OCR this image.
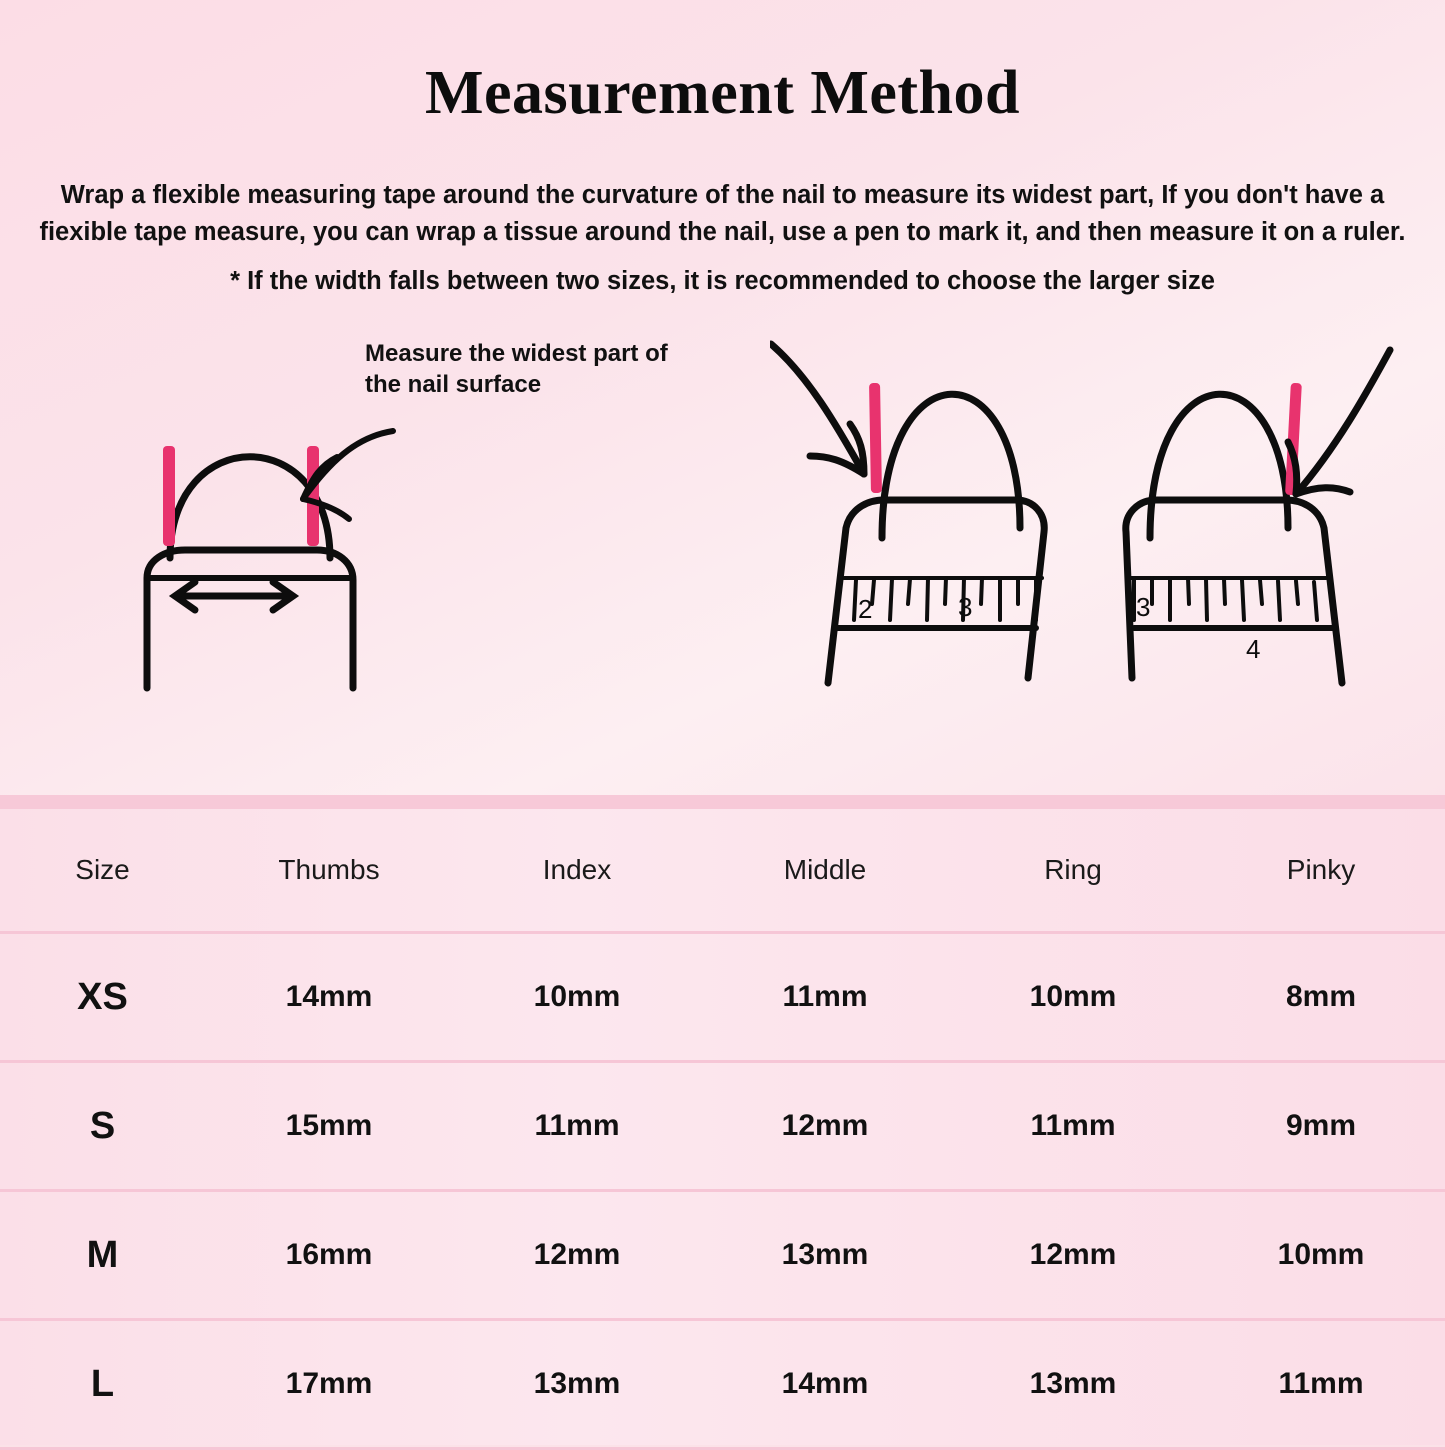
Measurement Method
Wrap a flexible measuring tape around the curvature of the nail to measure its widest part, If you don't have a fiexible tape measure, you can wrap a tissue around the nail, use a pen to mark it, and then measure it on a ruler.
* If the width falls between two sizes, it is recommended to choose the larger size
Measure the widest part of the nail surface
2	3	3
4
Size	Thumbs	Index	Middle	Ring	Pinky
XS	14mm	10mm	11mm	10mm	8mm
S	15mm	11mm	12mm	11mm	9mm
M	16mm	12mm	13mm	12mm	10mm
L	17mm	13mm	14mm	13mm	11mm
